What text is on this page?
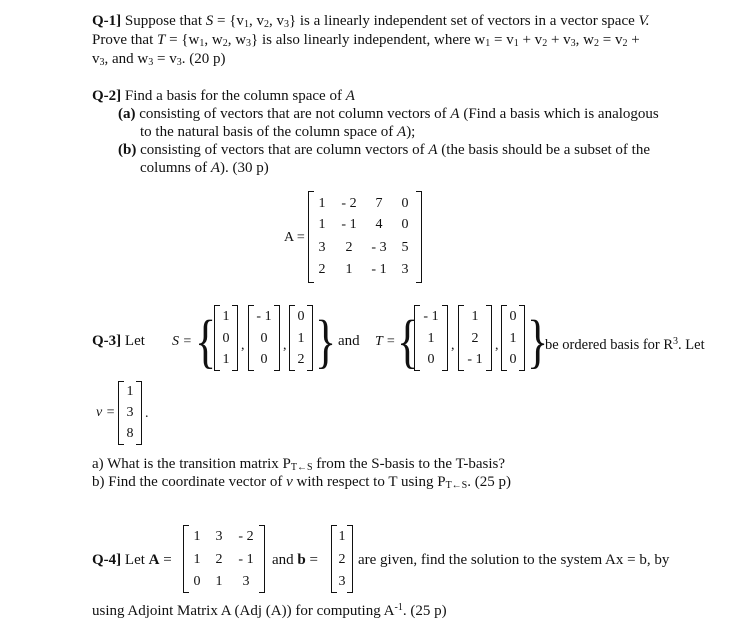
Q-1] Suppose that $S = \{v_1$, $v_2$, $v_3$} is a linearly independent set of vectors in a vector space V.
Prove that $T = \{w_1$, $w_2$, $w_3$} is also linearly independent, where $w_1 = v_1 + v_2 + v_3$, $w_2 = v_2$ +
$v_3$, and $w_3 = v_3$. (20 p)
Q-2] Find a basis for the column space of A
(a) consisting of vectors that are not column vectors of A (Find a basis which is analogous
to the natural basis of the column space of A);
(b) consisting of vectors that are column vectors of A (the basis should be a subset of the
columns of A). (30 p)
A =
1	- 2	7	0
1	- 1	4	0
3	2	- 3	5
2	1	- 1	3
Q-3] Let S = { 1
0
1
,
- 1
0
0
,
0
1
2 } and T = { - 1
1
0
,
1
2
- 1
,
0
1
0 }
be ordered basis for $R^3$. Let
v =
1
3
8
.
a) What is the transition matrix $P_{T\leftarrow S}$ from the S-basis to the T-basis?
b) Find the coordinate vector of v with respect to T using $P_{T\leftarrow S}$. (25 p)
Q-4] Let A =
1	3	- 2
1	2	- 1
0	1	3
and b =
1
2
3
are given, find the solution to the system Ax = b, by
using Adjoint Matrix A (Adj (A)) for computing $A^{-1}$. (25 p)
